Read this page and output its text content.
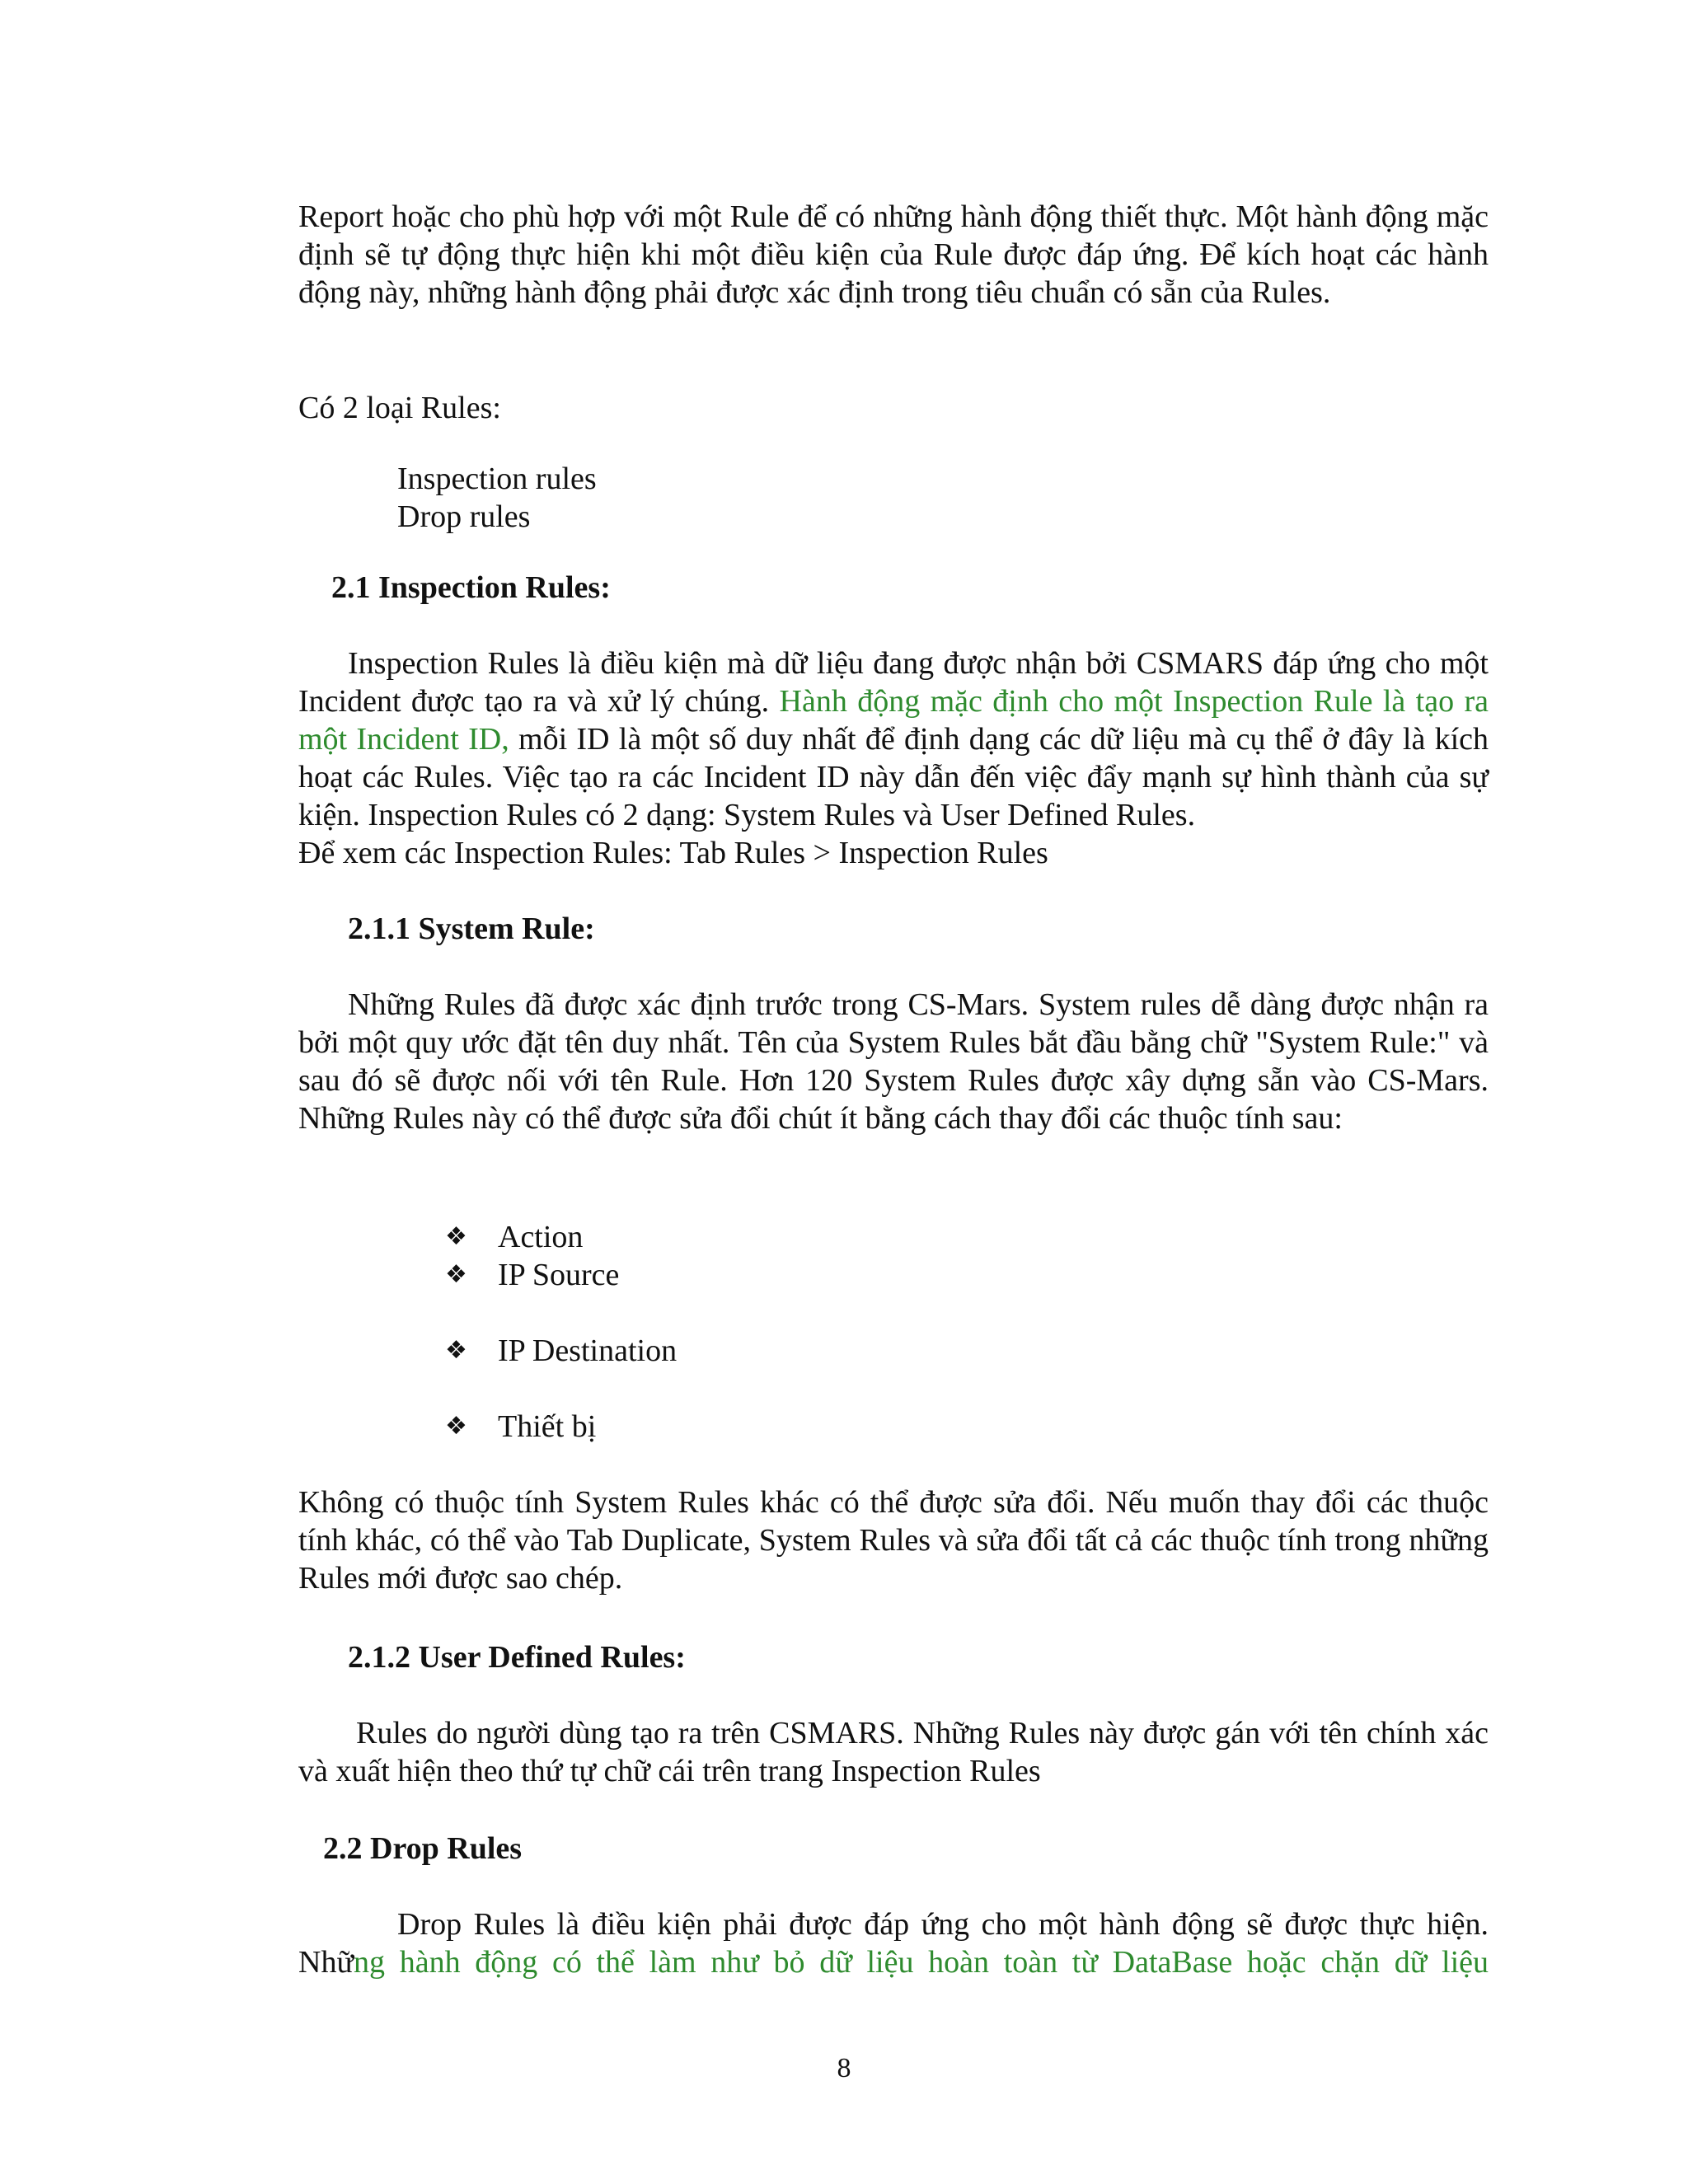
Report hoặc cho phù hợp với một Rule để có những hành động thiết thực. Một hành động mặc định sẽ tự động thực hiện khi một điều kiện của Rule được đáp ứng. Để kích hoạt các hành động này, những hành động phải được xác định trong tiêu chuẩn có sẵn của Rules.

Có 2 loại Rules:

Inspection rules

Drop rules

2.1 Inspection Rules:

Inspection Rules là điều kiện mà dữ liệu đang được nhận bởi CSMARS đáp ứng cho một Incident được tạo ra và xử lý chúng. Hành động mặc định cho một Inspection Rule là tạo ra một Incident ID, mỗi ID là một số duy nhất để định dạng các dữ liệu mà cụ thể ở đây là kích hoạt các Rules. Việc tạo ra các Incident ID này dẫn đến việc đẩy mạnh sự hình thành của sự kiện. Inspection Rules có 2 dạng: System Rules và User Defined Rules.
Để xem các Inspection Rules: Tab Rules > Inspection Rules

2.1.1 System Rule:

Những Rules đã được xác định trước trong CS-Mars. System rules dễ dàng được nhận ra bởi một quy ước đặt tên duy nhất. Tên của System Rules bắt đầu bằng chữ "System Rule:" và sau đó sẽ được nối với tên Rule. Hơn 120 System Rules được xây dựng sẵn vào CS-Mars. Những Rules này có thể được sửa đổi chút ít bằng cách thay đổi các thuộc tính sau:

❖ Action
❖ IP Source
❖ IP Destination
❖ Thiết bị

Không có thuộc tính System Rules khác có thể được sửa đổi. Nếu muốn thay đổi các thuộc tính khác, có thể vào Tab Duplicate, System Rules và sửa đổi tất cả các thuộc tính trong những Rules mới được sao chép.

2.1.2 User Defined Rules:

Rules do người dùng tạo ra trên CSMARS. Những Rules này được gán với tên chính xác và xuất hiện theo thứ tự chữ cái trên trang Inspection Rules

2.2 Drop Rules

Drop Rules là điều kiện phải được đáp ứng cho một hành động sẽ được thực hiện. Những hành động có thể làm như bỏ dữ liệu hoàn toàn từ DataBase hoặc chặn dữ liệu

8
